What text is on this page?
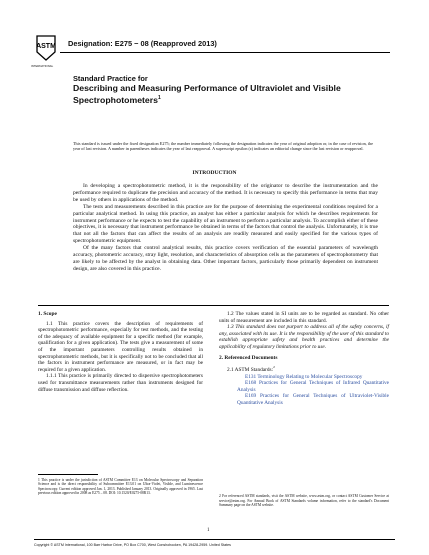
ASTM
INTERNATIONAL
Designation: E275 − 08 (Reapproved 2013)
Standard Practice for
Describing and Measuring Performance of Ultraviolet and Visible Spectrophotometers$^1$
This standard is issued under the fixed designation E275; the number immediately following the designation indicates the year of original adoption or, in the case of revision, the year of last revision. A number in parentheses indicates the year of last reapproval. A superscript epsilon (ε) indicates an editorial change since the last revision or reapproval.
INTRODUCTION

In developing a spectrophotometric method, it is the responsibility of the originator to describe the instrumentation and the performance required to duplicate the precision and accuracy of the method. It is necessary to specify this performance in terms that may be used by others in applications of the method.

The tests and measurements described in this practice are for the purpose of determining the experimental conditions required for a particular analytical method. In using this practice, an analyst has either a particular analysis for which he describes requirements for instrument performance or he expects to test the capability of an instrument to perform a particular analysis. To accomplish either of these objectives, it is necessary that instrument performance be obtained in terms of the factors that control the analysis. Unfortunately, it is true that not all the factors that can affect the results of an analysis are readily measured and easily specified for the various types of spectrophotometric equipment.

Of the many factors that control analytical results, this practice covers verification of the essential parameters of wavelength accuracy, photometric accuracy, stray light, resolution, and characteristics of absorption cells as the parameters of spectrophotometry that are likely to be affected by the analyst in obtaining data. Other important factors, particularly those primarily dependent on instrument design, are also covered in this practice.

1. Scope

1.1 This practice covers the description of requirements of spectrophotometric performance, especially for test methods, and the testing of the adequacy of available equipment for a specific method (for example, qualification for a given application). The tests give a measurement of some of the important parameters controlling results obtained in spectrophotometric methods, but it is specifically not to be concluded that all the factors in instrument performance are measured, or in fact may be required for a given application.

1.1.1 This practice is primarily directed to dispersive spectrophotometers used for transmittance measurements rather than instruments designed for diffuse transmission and diffuse reflection.

1.2 The values stated in SI units are to be regarded as standard. No other units of measurement are included in this standard.

1.3 This standard does not purport to address all of the safety concerns, if any, associated with its use. It is the responsibility of the user of this standard to establish appropriate safety and health practices and determine the applicability of regulatory limitations prior to use.

2. Referenced Documents

2.1 ASTM Standards:$^2$

E131 Terminology Relating to Molecular Spectroscopy

E168 Practices for General Techniques of Infrared Quantitative Analysis

E169 Practices for General Techniques of Ultraviolet-Visible Quantitative Analysis

1 This practice is under the jurisdiction of ASTM Committee E13 on Molecular Spectroscopy and Separation Science and is the direct responsibility of Subcommittee E13.01 on Ultra-Violet, Visible, and Luminescence Spectroscopy. Current edition approved Jan. 1, 2013. Published January 2013. Originally approved in 1965. Last previous edition approved in 2008 as E275 – 08. DOI: 10.1520/E0275-08R13.
2 For referenced ASTM standards, visit the ASTM website, www.astm.org, or contact ASTM Customer Service at service@astm.org. For Annual Book of ASTM Standards volume information, refer to the standard's Document Summary page on the ASTM website.
1
Copyright © ASTM International, 100 Barr Harbor Drive, PO Box C700, West Conshohocken, PA 19428-2959. United States
